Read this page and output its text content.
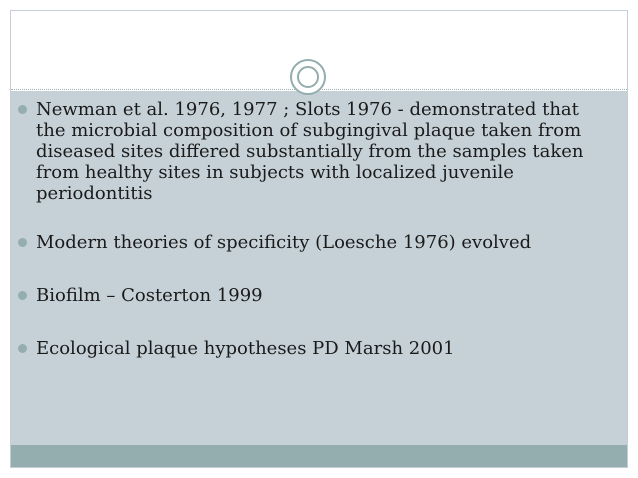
Newman et al. 1976, 1977 ; Slots 1976 - demonstrated that the microbial composition of subgingival plaque taken from diseased sites differed substantially from the samples taken from healthy sites in subjects with localized juvenile periodontitis
Modern theories of specificity (Loesche 1976) evolved
Biofilm – Costerton 1999
Ecological plaque hypotheses PD Marsh 2001
